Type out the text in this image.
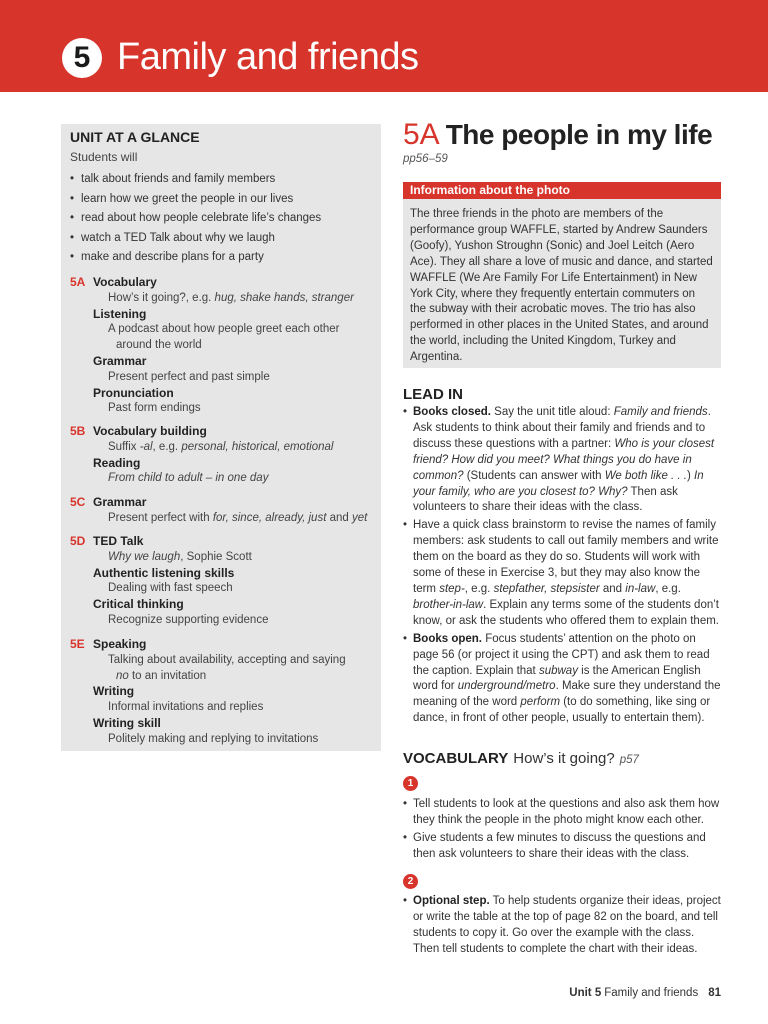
5 Family and friends
UNIT AT A GLANCE
Students will
• talk about friends and family members
• learn how we greet the people in our lives
• read about how people celebrate life’s changes
• watch a TED Talk about why we laugh
• make and describe plans for a party
5A Vocabulary
How’s it going?, e.g. hug, shake hands, stranger
Listening
A podcast about how people greet each other
around the world
Grammar
Present perfect and past simple
Pronunciation
Past form endings
5B Vocabulary building
Suffix -al, e.g. personal, historical, emotional
Reading
From child to adult – in one day
5C Grammar
Present perfect with for, since, already, just and yet
5D TED Talk
Why we laugh, Sophie Scott
Authentic listening skills
Dealing with fast speech
Critical thinking
Recognize supporting evidence
5E Speaking
Talking about availability, accepting and saying
no to an invitation
Writing
Informal invitations and replies
Writing skill
Politely making and replying to invitations
5A The people in my life
pp56–59
Information about the photo
The three friends in the photo are members of the performance group WAFFLE, started by Andrew Saunders (Goofy), Yushon Stroughn (Sonic) and Joel Leitch (Aero Ace). They all share a love of music and dance, and started WAFFLE (We Are Family For Life Entertainment) in New York City, where they frequently entertain commuters on the subway with their acrobatic moves. The trio has also performed in other places in the United States, and around the world, including the United Kingdom, Turkey and Argentina.
LEAD IN
• Books closed. Say the unit title aloud: Family and friends. Ask students to think about their family and friends and to discuss these questions with a partner: Who is your closest friend? How did you meet? What things you do have in common? (Students can answer with We both like . . .) In your family, who are you closest to? Why? Then ask volunteers to share their ideas with the class.
• Have a quick class brainstorm to revise the names of family members: ask students to call out family members and write them on the board as they do so. Students will work with some of these in Exercise 3, but they may also know the term step-, e.g. stepfather, stepsister and in-law, e.g. brother-in-law. Explain any terms some of the students don’t know, or ask the students who offered them to explain them.
• Books open. Focus students’ attention on the photo on page 56 (or project it using the CPT) and ask them to read the caption. Explain that subway is the American English word for underground/metro. Make sure they understand the meaning of the word perform (to do something, like sing or dance, in front of other people, usually to entertain them).
VOCABULARY How’s it going? p57
1
• Tell students to look at the questions and also ask them how they think the people in the photo might know each other.
• Give students a few minutes to discuss the questions and then ask volunteers to share their ideas with the class.
2
• Optional step. To help students organize their ideas, project or write the table at the top of page 82 on the board, and tell students to copy it. Go over the example with the class. Then tell students to complete the chart with their ideas.
Unit 5 Family and friends 81
